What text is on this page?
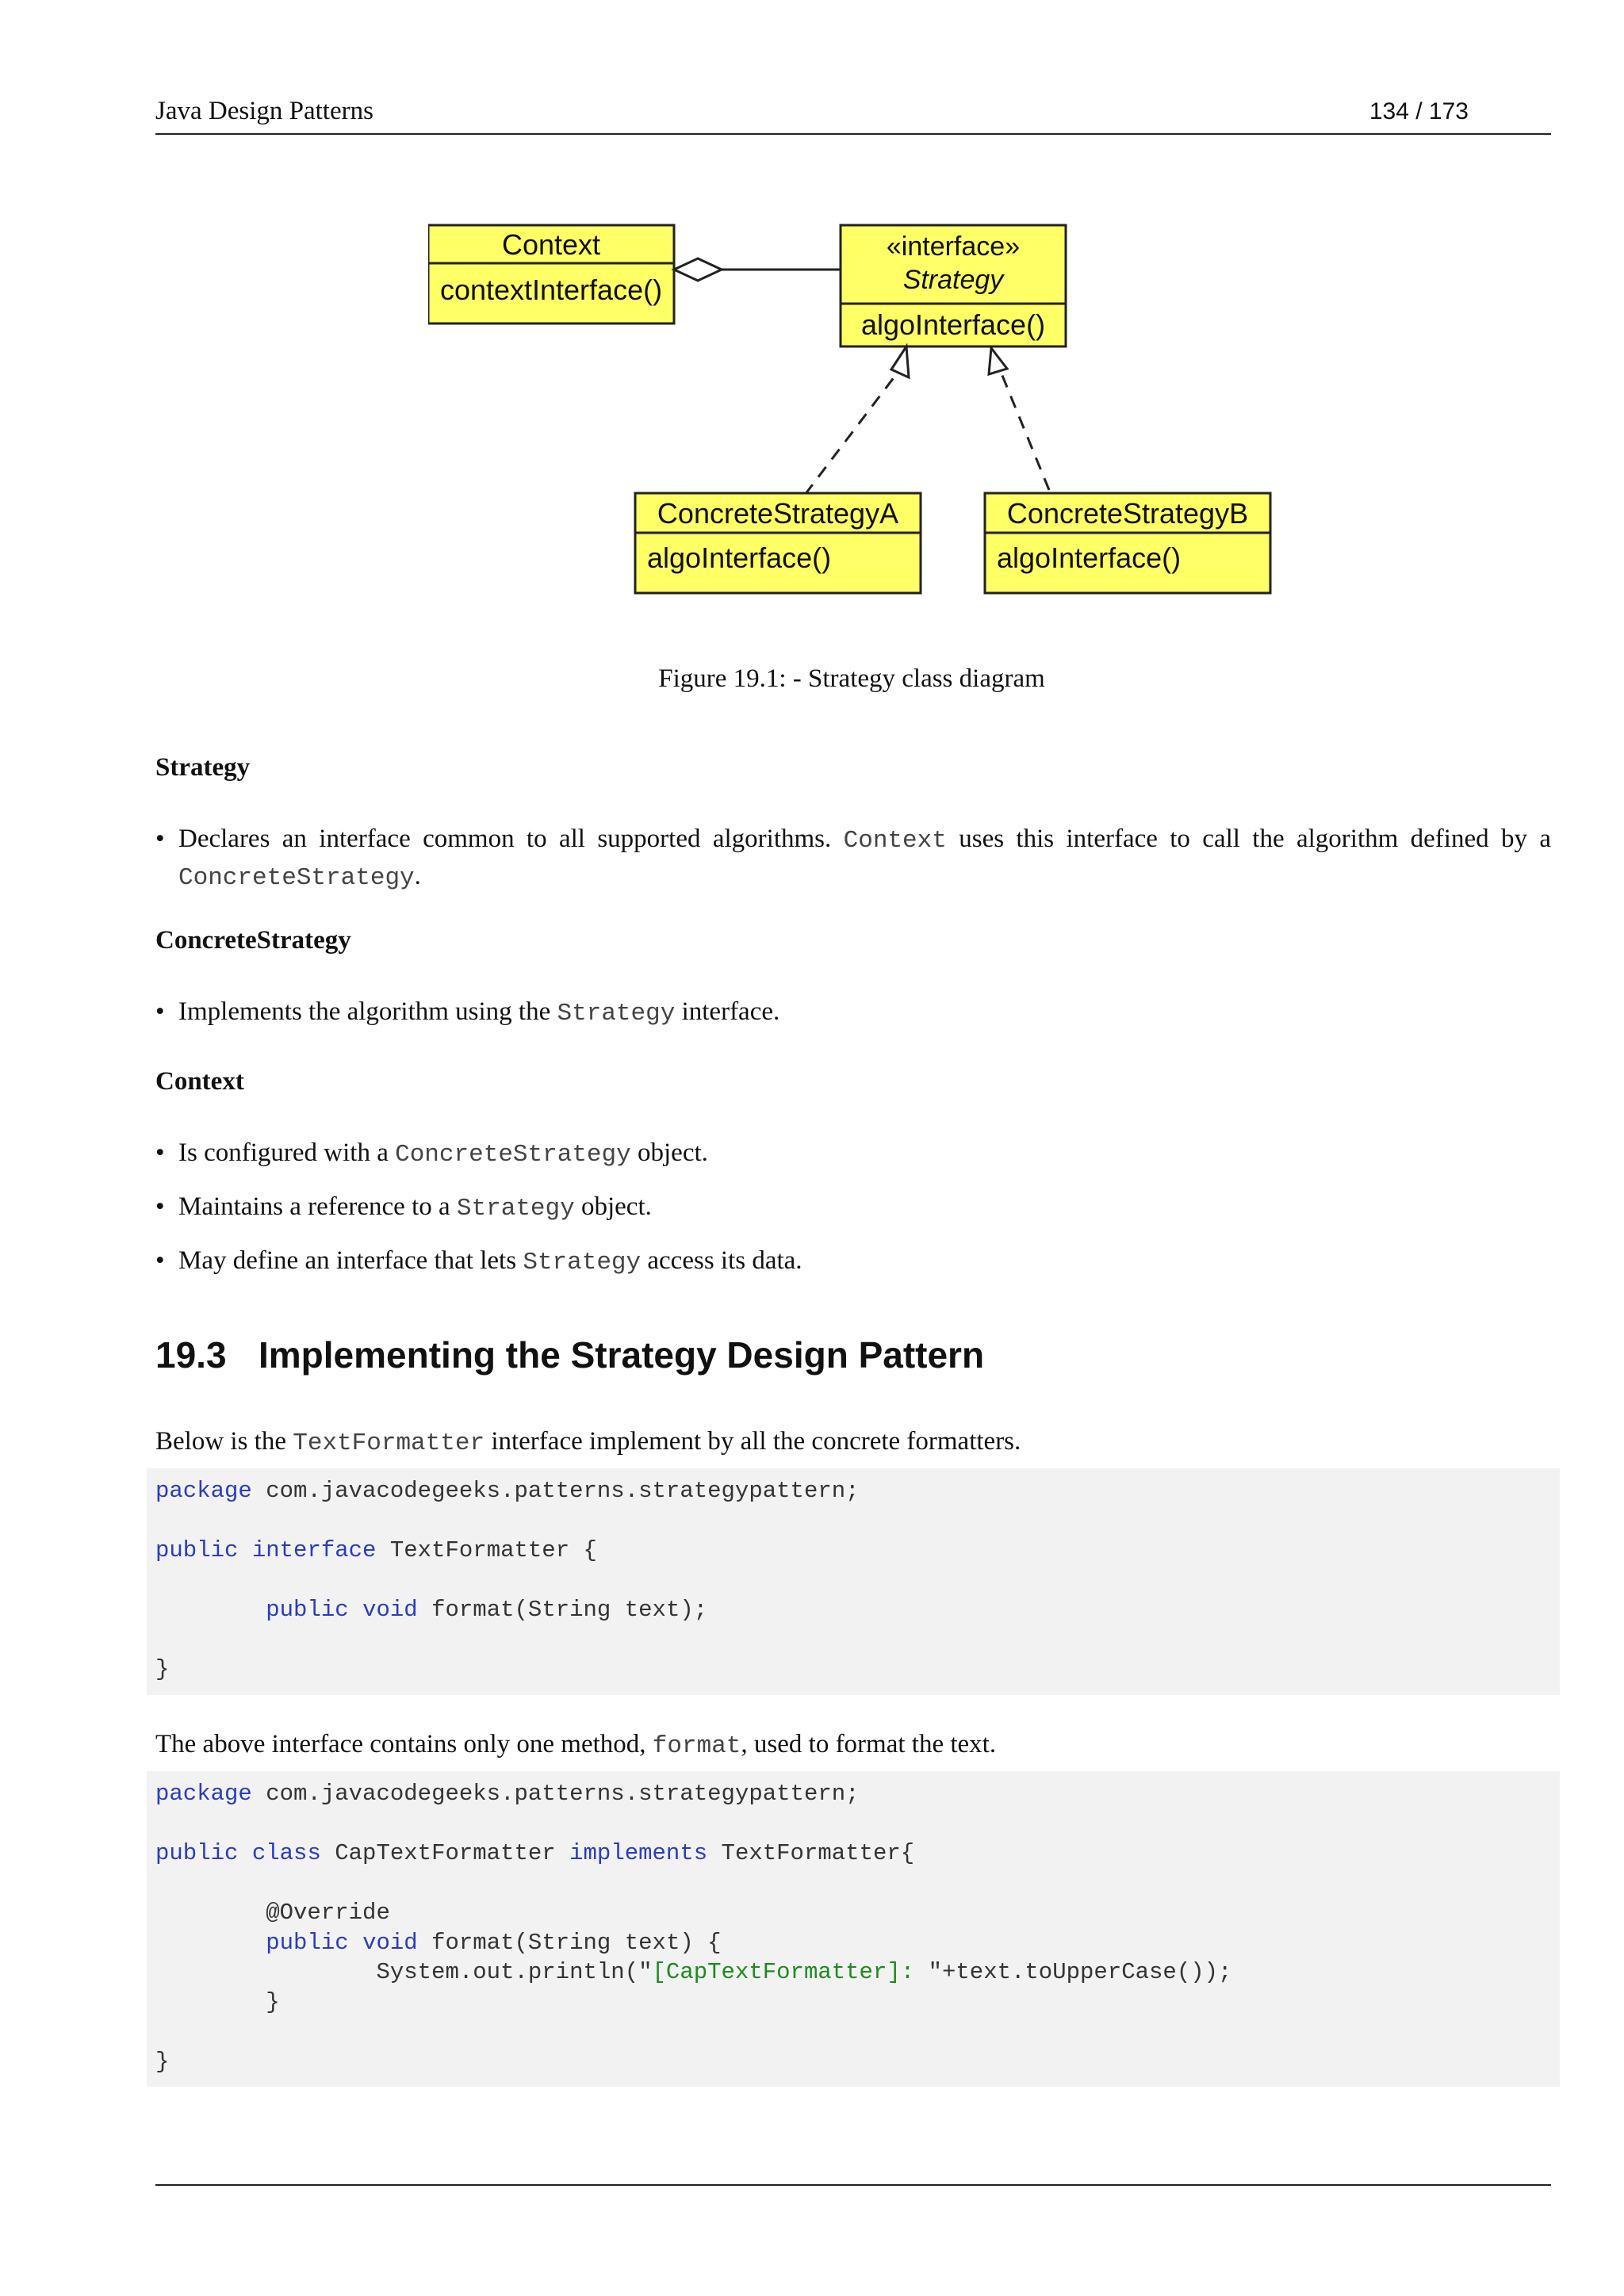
Java Design Patterns	134 / 173
Context
contextInterface()
«interface»
Strategy
algoInterface()
ConcreteStrategyA
algoInterface()
ConcreteStrategyB
algoInterface()
Figure 19.1: - Strategy class diagram
Strategy
• Declares an interface common to all supported algorithms. Context uses this interface to call the algorithm defined by a ConcreteStrategy.
ConcreteStrategy
• Implements the algorithm using the Strategy interface.
Context
• Is configured with a ConcreteStrategy object.
• Maintains a reference to a Strategy object.
• May define an interface that lets Strategy access its data.
19.3 Implementing the Strategy Design Pattern
Below is the TextFormatter interface implement by all the concrete formatters.
package com.javacodegeeks.patterns.strategypattern;
public interface TextFormatter {
public void format(String text);
}
The above interface contains only one method, format, used to format the text.
package com.javacodegeeks.patterns.strategypattern;
public class CapTextFormatter implements TextFormatter{
@Override
public void format(String text) {
System.out.println("[CapTextFormatter]: "+text.toUpperCase());
}
}
